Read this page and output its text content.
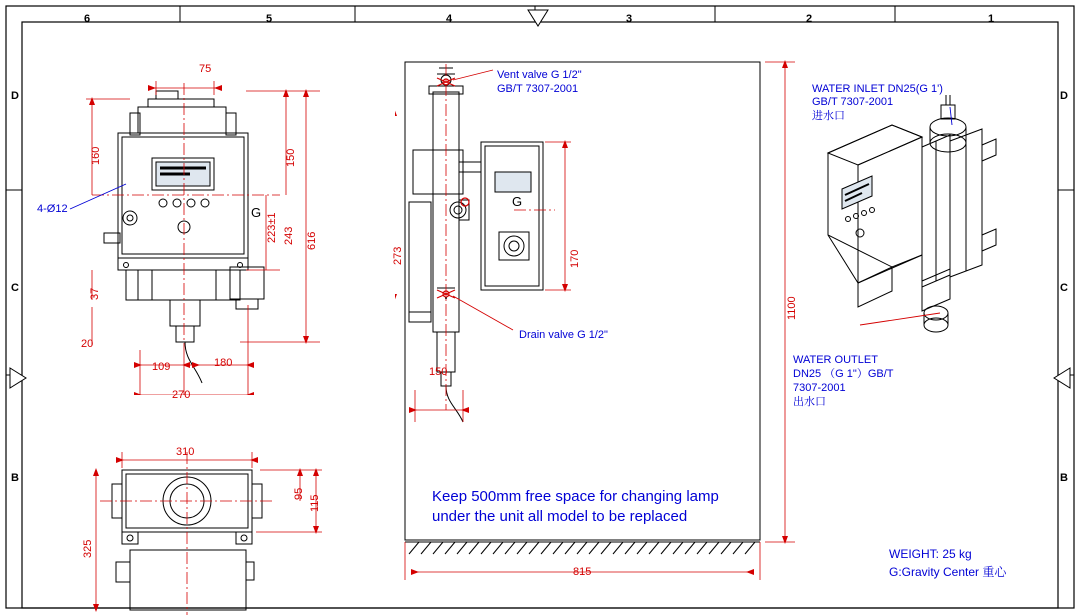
6	5	4	3	2	1
D
C
B
D
C
B
75
160	150
223±1 243 616
37
20
109	180
270
4-Ø12	G
310
95
115
325
273	170
150
1100
815
Vent valve G 1/2"
GB/T 7307-2001
Drain valve G 1/2"
G
Keep 500mm free space for changing lamp
under the unit all model to be replaced
WATER INLET DN25(G 1')
GB/T 7307-2001
进水口
WATER OUTLET
DN25 （G 1"）GB/T
7307-2001
出水口
WEIGHT: 25 kg
G:Gravity Center 重心
